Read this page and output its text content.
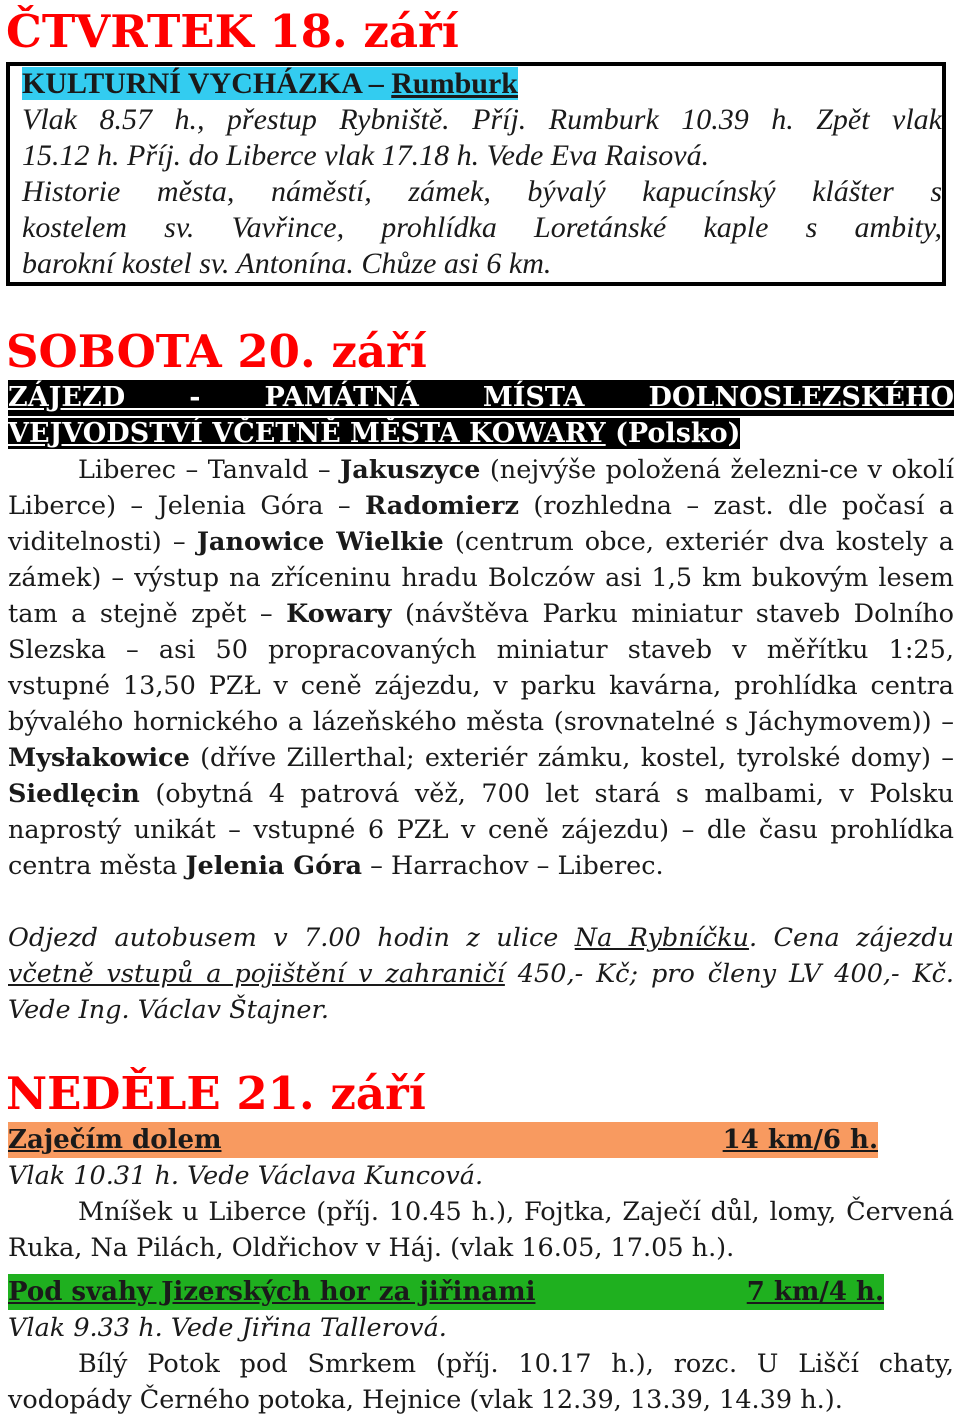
ČTVRTEK 18. září
KULTURNÍ VYCHÁZKA – Rumburk

Vlak 8.57 h., přestup Rybniště. Příj. Rumburk 10.39 h. Zpět vlak

15.12 h. Příj. do Liberce vlak 17.18 h. Vede Eva Raisová.

Historie města, náměstí, zámek, bývalý kapucínský klášter s

kostelem sv. Vavřince, prohlídka Loretánské kaple s ambity,

barokní kostel sv. Antonína. Chůze asi 6 km.

SOBOTA 20. září
ZÁJEZD - PAMÁTNÁ MÍSTA DOLNOSLEZSKÉHO
VEJVODSTVÍ VČETNĚ MĚSTA KOWARY (Polsko)

Liberec – Tanvald – Jakuszyce (nejvýše položená železni-ce v okolí Liberce) – Jelenia Góra – Radomierz (rozhledna – zast. dle počasí a viditelnosti) – Janowice Wielkie (centrum obce, exteriér dva kostely a zámek) – výstup na zříceninu hradu Bolczów asi 1,5 km bukovým lesem tam a stejně zpět – Kowary (návštěva Parku miniatur staveb Dolního Slezska – asi 50 propracovaných miniatur staveb v měřítku 1:25, vstupné 13,50 PZŁ v ceně zájezdu, v parku kavárna, prohlídka centra bývalého hornického a lázeňského města (srovnatelné s Jáchymovem)) – Mysłakowice (dříve Zillerthal; exteriér zámku, kostel, tyrolské domy) – Siedlęcin (obytná 4 patrová věž, 700 let stará s malbami, v Polsku naprostý unikát – vstupné 6 PZŁ v ceně zájezdu) – dle času prohlídka centra města Jelenia Góra – Harrachov – Liberec.

Odjezd autobusem v 7.00 hodin z ulice Na Rybníčku. Cena zájezdu včetně vstupů a pojištění v zahraničí 450,- Kč; pro členy LV 400,- Kč. Vede Ing. Václav Štajner.

NEDĚLE 21. září
Zaječím dolem	14 km/6 h.

Vlak 10.31 h. Vede Václava Kuncová.

Mníšek u Liberce (příj. 10.45 h.), Fojtka, Zaječí důl, lomy, Červená Ruka, Na Pilách, Oldřichov v Háj. (vlak 16.05, 17.05 h.).

Pod svahy Jizerských hor za jiřinami	7 km/4 h.

Vlak 9.33 h. Vede Jiřina Tallerová.

Bílý Potok pod Smrkem (příj. 10.17 h.), rozc. U Liščí chaty, vodopády Černého potoka, Hejnice (vlak 12.39, 13.39, 14.39 h.).
